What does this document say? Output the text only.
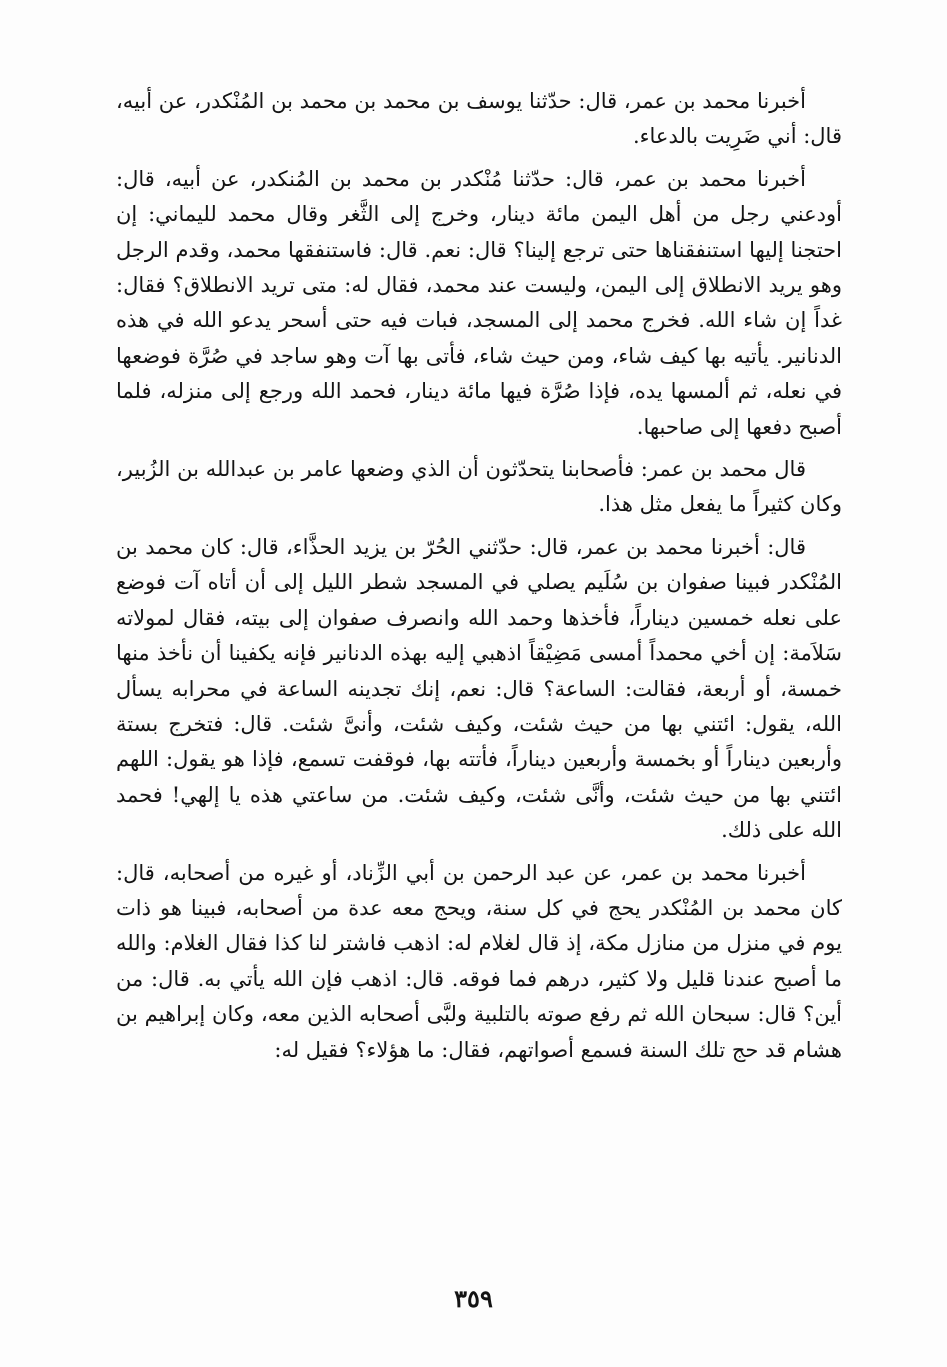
أخبرنا محمد بن عمر، قال: حدّثنا يوسف بن محمد بن محمد بن المُنْكدر، عن أبيه، قال: أني ضَرِيت بالدعاء.

أخبرنا محمد بن عمر، قال: حدّثنا مُنْكدر بن محمد بن المُنكدر، عن أبيه، قال: أودعني رجل من أهل اليمن مائة دينار، وخرج إلى الثَّغر وقال محمد لليماني: إن احتجنا إليها استنفقناها حتى ترجع إلينا؟ قال: نعم. قال: فاستنفقها محمد، وقدم الرجل وهو يريد الانطلاق إلى اليمن، وليست عند محمد، فقال له: متى تريد الانطلاق؟ فقال: غداً إن شاء الله. فخرج محمد إلى المسجد، فبات فيه حتى أسحر يدعو الله في هذه الدنانير. يأتيه بها كيف شاء، ومن حيث شاء، فأتى بها آت وهو ساجد في صُرَّة فوضعها في نعله، ثم ألمسها يده، فإذا صُرَّة فيها مائة دينار، فحمد الله ورجع إلى منزله، فلما أصبح دفعها إلى صاحبها.

قال محمد بن عمر: فأصحابنا يتحدّثون أن الذي وضعها عامر بن عبدالله بن الزُبير، وكان كثيراً ما يفعل مثل هذا.

قال: أخبرنا محمد بن عمر، قال: حدّثني الحُرّ بن يزيد الحذَّاء، قال: كان محمد بن المُنْكدر فبينا صفوان بن سُلَيم يصلي في المسجد شطر الليل إلى أن أتاه آت فوضع على نعله خمسين ديناراً، فأخذها وحمد الله وانصرف صفوان إلى بيته، فقال لمولاته سَلاَمة: إن أخي محمداً أمسى مَضِيْقاً اذهبي إليه بهذه الدنانير فإنه يكفينا أن نأخذ منها خمسة، أو أربعة، فقالت: الساعة؟ قال: نعم، إنك تجدينه الساعة في محرابه يسأل الله، يقول: ائتني بها من حيث شئت، وكيف شئت، وأنىَّ شئت. قال: فتخرج بستة وأربعين ديناراً أو بخمسة وأربعين ديناراً، فأتته بها، فوقفت تسمع، فإذا هو يقول: اللهم ائتني بها من حيث شئت، وأنَّى شئت، وكيف شئت. من ساعتي هذه يا إلهي! فحمد الله على ذلك.

أخبرنا محمد بن عمر، عن عبد الرحمن بن أبي الزِّناد، أو غيره من أصحابه، قال: كان محمد بن المُنْكدر يحج في كل سنة، ويحج معه عدة من أصحابه، فبينا هو ذات يوم في منزل من منازل مكة، إذ قال لغلام له: اذهب فاشتر لنا كذا فقال الغلام: والله ما أصبح عندنا قليل ولا كثير، درهم فما فوقه. قال: اذهب فإن الله يأتي به. قال: من أين؟ قال: سبحان الله ثم رفع صوته بالتلبية ولبَّى أصحابه الذين معه، وكان إبراهيم بن هشام قد حج تلك السنة فسمع أصواتهم، فقال: ما هؤلاء؟ فقيل له:

٣٥٩
